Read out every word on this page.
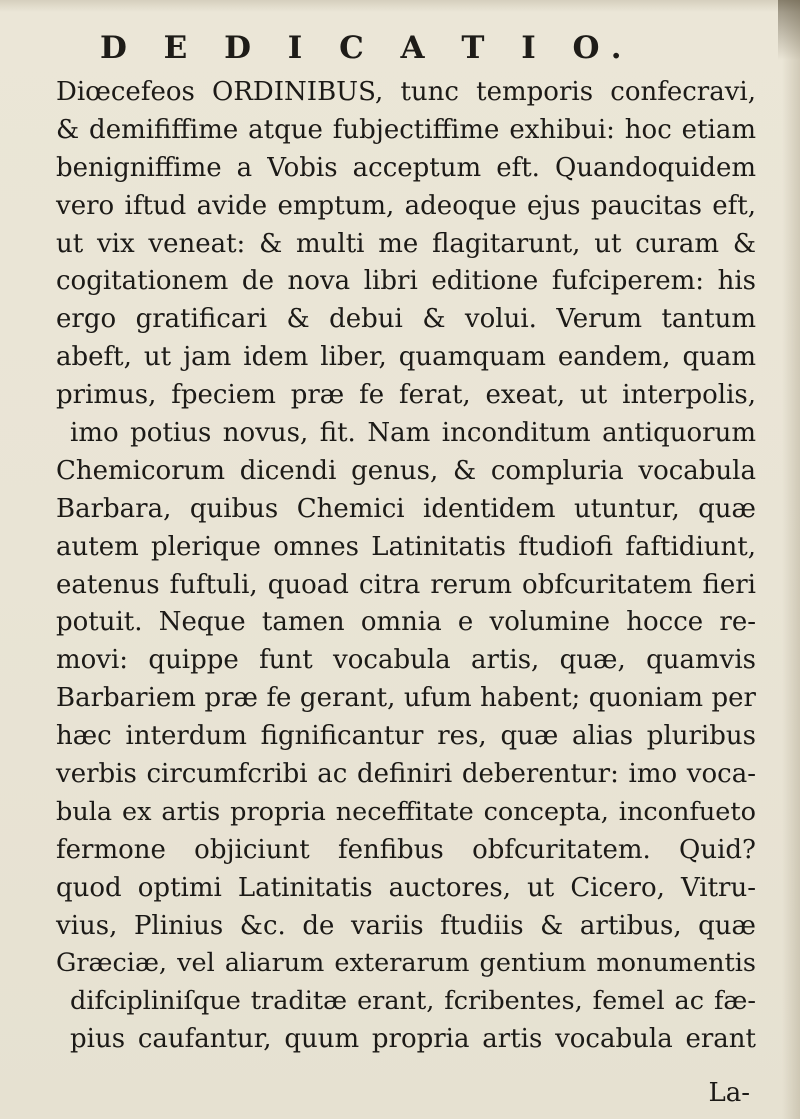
D E D I C A T I O.
Diœcefeos ORDINIBUS, tunc temporis confecravi,
& demififfime atque fubjectiffime exhibui: hoc etiam
benigniffime a Vobis acceptum eft. Quandoquidem
vero iftud avide emptum, adeoque ejus paucitas eft,
ut vix veneat: & multi me flagitarunt, ut curam &
cogitationem de nova libri editione fufciperem: his
ergo gratificari & debui & volui. Verum tantum
abeft, ut jam idem liber, quamquam eandem, quam
primus, fpeciem præ fe ferat, exeat, ut interpolis,
imo potius novus, fit. Nam inconditum antiquorum
Chemicorum dicendi genus, & compluria vocabula
Barbara, quibus Chemici identidem utuntur, quæ
autem plerique omnes Latinitatis ftudiofi faftidiunt,
eatenus fuftuli, quoad citra rerum obfcuritatem fieri
potuit. Neque tamen omnia e volumine hocce re-
movi: quippe funt vocabula artis, quæ, quamvis
Barbariem præ fe gerant, ufum habent; quoniam per
hæc interdum fignificantur res, quæ alias pluribus
verbis circumfcribi ac definiri deberentur: imo voca-
bula ex artis propria neceffitate concepta, inconfueto
fermone objiciunt fenfibus obfcuritatem. Quid?
quod optimi Latinitatis auctores, ut Cicero, Vitru-
vius, Plinius &c. de variis ftudiis & artibus, quæ
Græciæ, vel aliarum exterarum gentium monumentis
difcipliniſque traditæ erant, fcribentes, femel ac fæ-
pius caufantur, quum propria artis vocabula erant
La-
